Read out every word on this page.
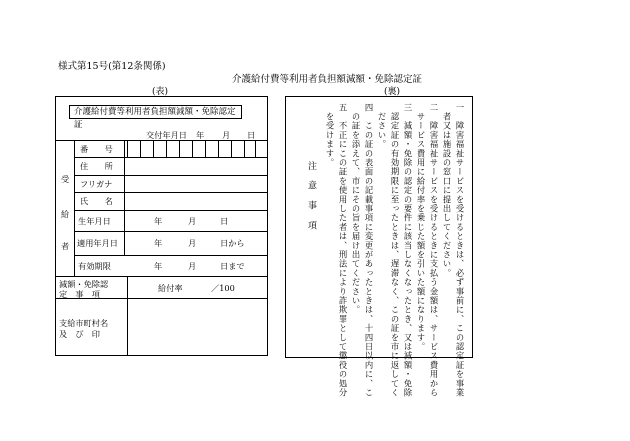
様式第15号(第12条関係)
介護給付費等利用者負担額減額・免除認定証
(表)	(裏)
介護給付費等利用者負担額減額・免除認定証
交付年月日 年 月 日
受
給
者
番　　号
住　　所
フリガナ
氏　　名
生年月日	年	月	日
適用年月日	年	月	日から
有効期限	年	月	日まで
減額・免除認
定　事　項
給付率	／100
支給市町村名
及　び　印	一　障害福祉サービスを受けるときは、必ず事前に、この認定証を事業
　者又は施設の窓口に提出してください。
二　障害福祉サービスを受けるときに支払う金額は、サービス費用から
　サービス費用に給付率を乗じた額を引いた額になります。
三　減額・免除の認定の要件に該当しなくなったとき、又は減額・免除
　認定証の有効期限に至ったときは、遅滞なく、この証を市に返してく
　ださい。
四　この証の表面の記載事項に変更があったときは、十四日以内に、こ
　の証を添えて、市にその旨を届け出てください。
五　不正にこの証を使用した者は、刑法により詐欺罪として懲役の処分
　を受けます。
注　意　事　項
